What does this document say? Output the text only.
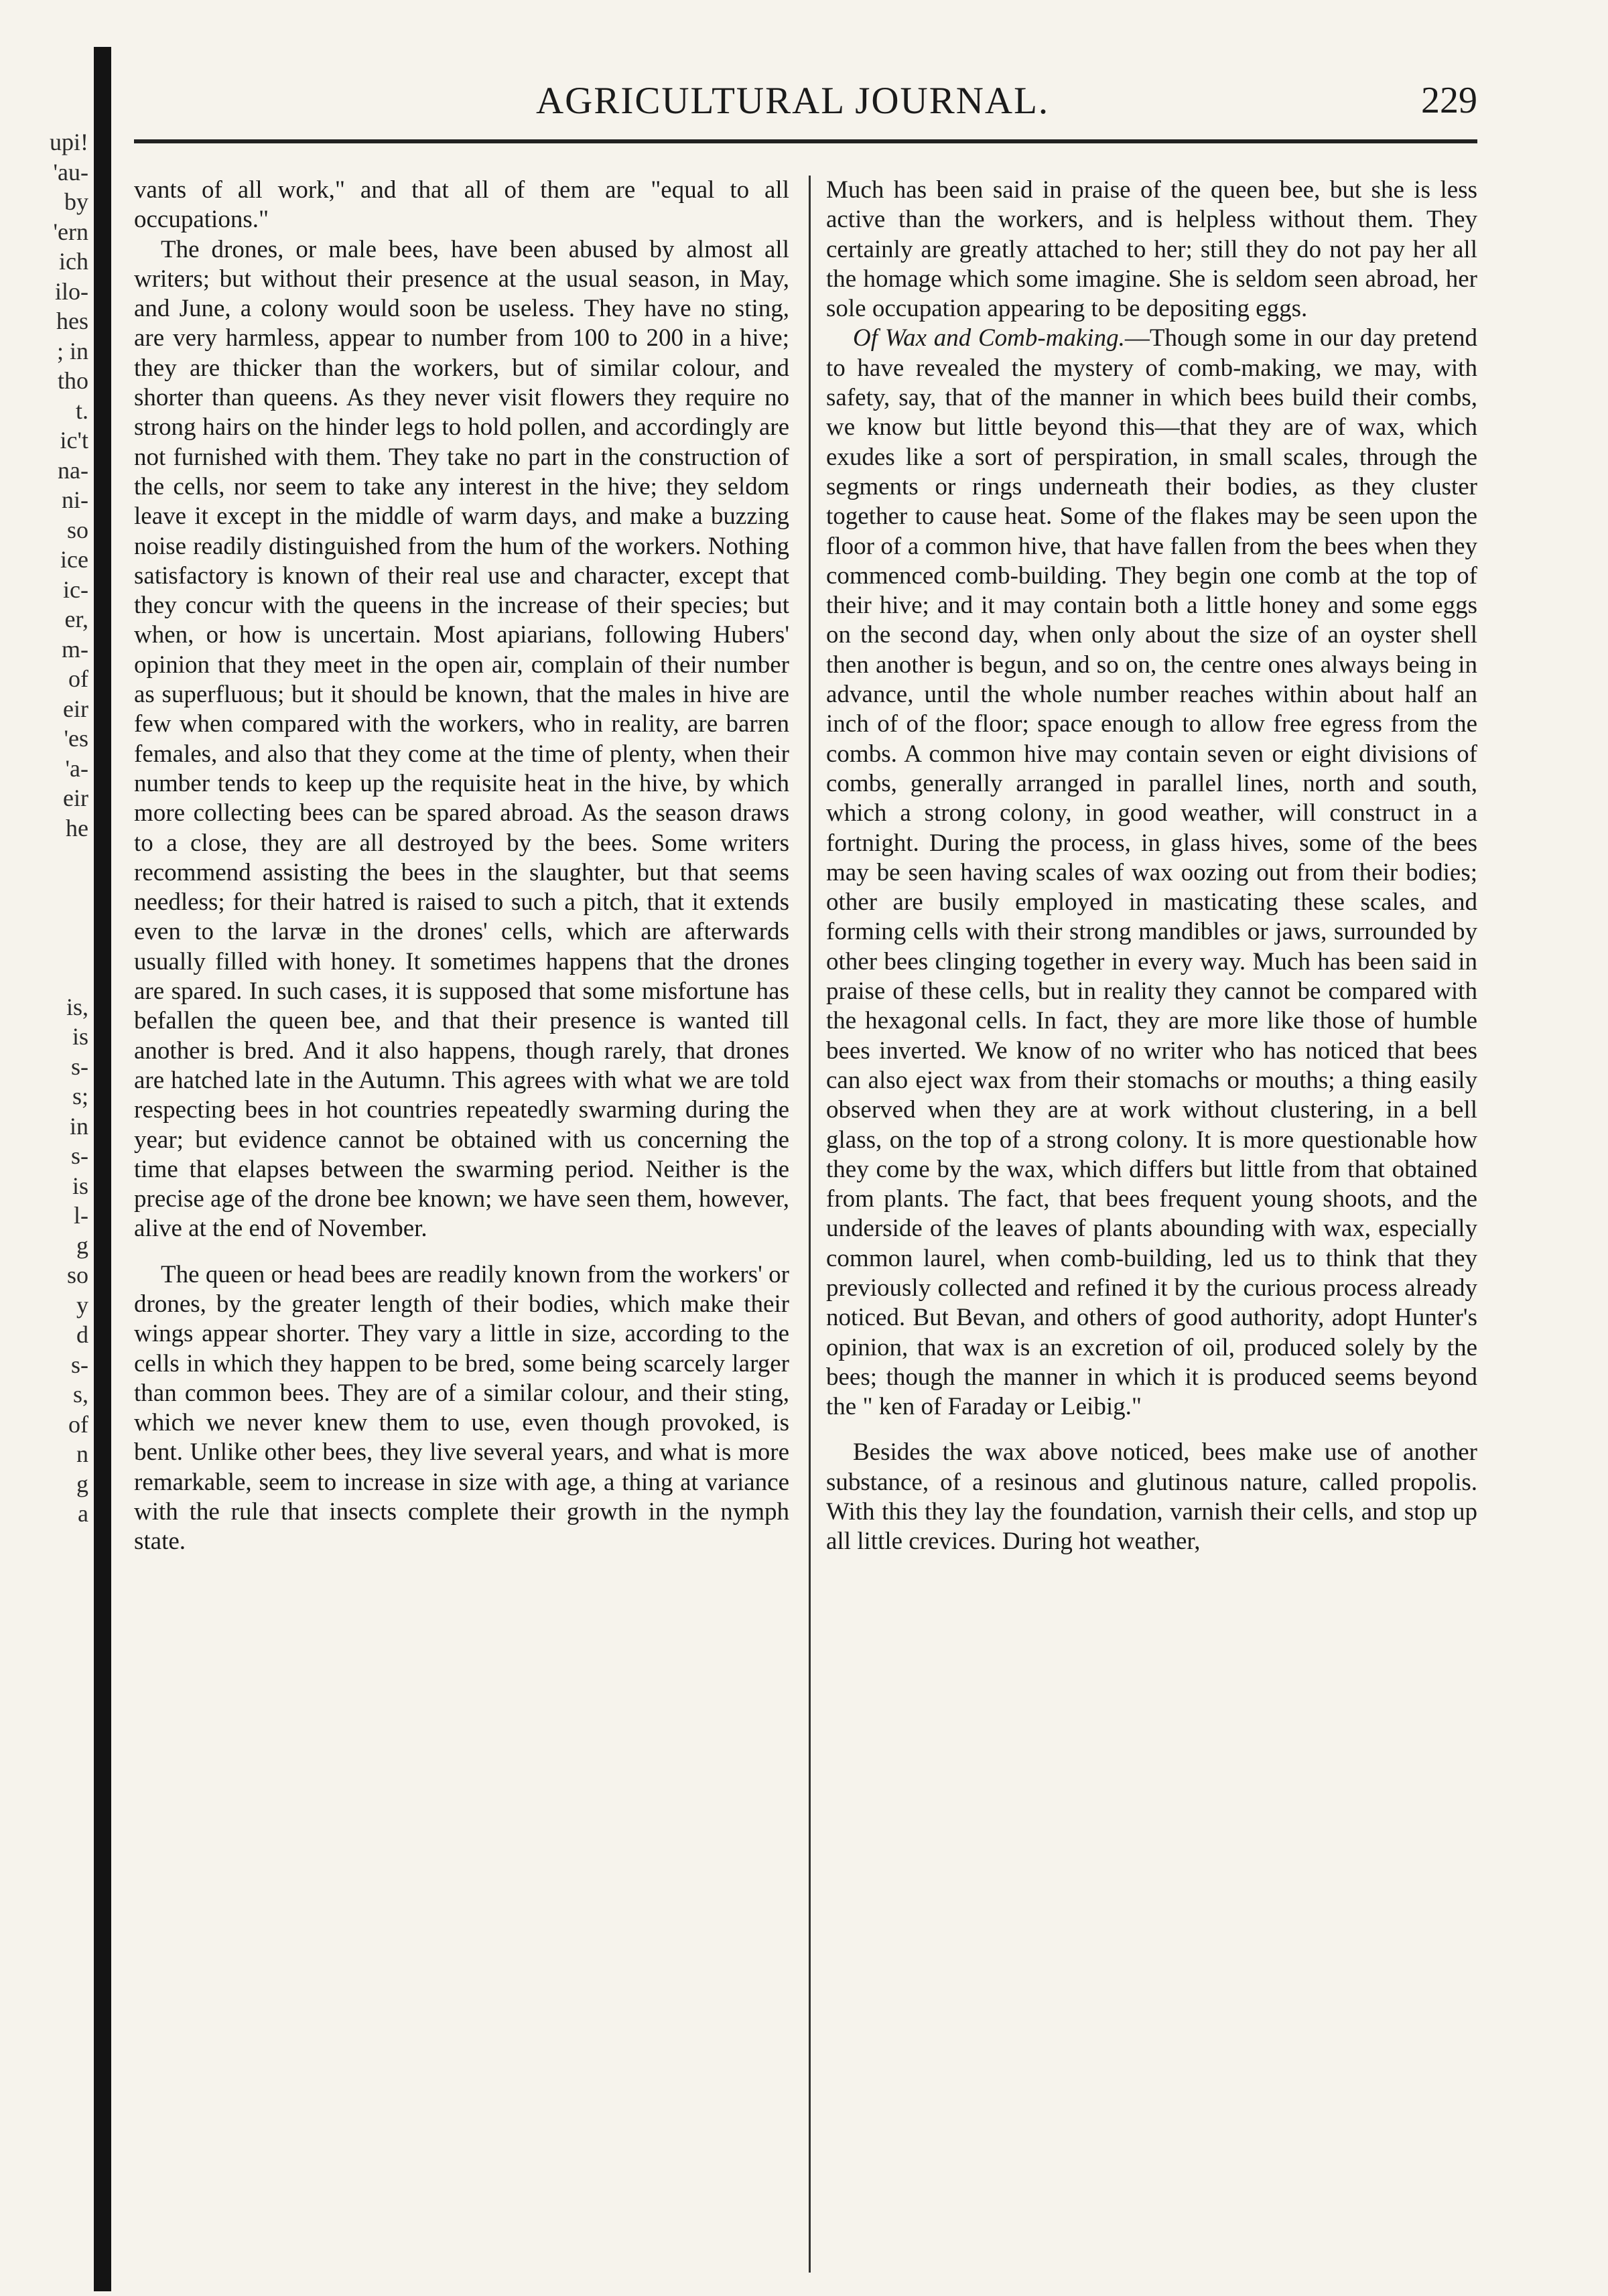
upi!
'au-
by
'ern
ich
ilo-
hes
; in
tho
t.
ic't
na-
ni-
so
ice
ic-
er,
m-
of
eir
'es
'a-
eir
he
is,
is
s-
s;
in
s-
is
l-
g
so
y
d
s-
s,
of
n
g
a
AGRICULTURAL JOURNAL.	229

vants of all work," and that all of them are "equal to all occupations."

The drones, or male bees, have been abused by almost all writers; but without their presence at the usual season, in May, and June, a colony would soon be useless. They have no sting, are very harmless, appear to number from 100 to 200 in a hive; they are thicker than the workers, but of similar colour, and shorter than queens. As they never visit flowers they require no strong hairs on the hinder legs to hold pollen, and accordingly are not furnished with them. They take no part in the construction of the cells, nor seem to take any interest in the hive; they seldom leave it except in the middle of warm days, and make a buzzing noise readily distinguished from the hum of the workers. Nothing satisfactory is known of their real use and character, except that they concur with the queens in the increase of their species; but when, or how is uncertain. Most apiarians, following Hubers' opinion that they meet in the open air, complain of their number as superfluous; but it should be known, that the males in hive are few when compared with the workers, who in reality, are barren females, and also that they come at the time of plenty, when their number tends to keep up the requisite heat in the hive, by which more collecting bees can be spared abroad. As the season draws to a close, they are all destroyed by the bees. Some writers recommend assisting the bees in the slaughter, but that seems needless; for their hatred is raised to such a pitch, that it extends even to the larvæ in the drones' cells, which are afterwards usually filled with honey. It sometimes happens that the drones are spared. In such cases, it is supposed that some misfortune has befallen the queen bee, and that their presence is wanted till another is bred. And it also happens, though rarely, that drones are hatched late in the Autumn. This agrees with what we are told respecting bees in hot countries repeatedly swarming during the year; but evidence cannot be obtained with us concerning the time that elapses between the swarming period. Neither is the precise age of the drone bee known; we have seen them, however, alive at the end of November.

The queen or head bees are readily known from the workers' or drones, by the greater length of their bodies, which make their wings appear shorter. They vary a little in size, according to the cells in which they happen to be bred, some being scarcely larger than common bees. They are of a similar colour, and their sting, which we never knew them to use, even though provoked, is bent. Unlike other bees, they live several years, and what is more remarkable, seem to increase in size with age, a thing at variance with the rule that insects complete their growth in the nymph state.

Much has been said in praise of the queen bee, but she is less active than the workers, and is helpless without them. They certainly are greatly attached to her; still they do not pay her all the homage which some imagine. She is seldom seen abroad, her sole occupation appearing to be depositing eggs.

Of Wax and Comb-making.—Though some in our day pretend to have revealed the mystery of comb-making, we may, with safety, say, that of the manner in which bees build their combs, we know but little beyond this—that they are of wax, which exudes like a sort of perspiration, in small scales, through the segments or rings underneath their bodies, as they cluster together to cause heat. Some of the flakes may be seen upon the floor of a common hive, that have fallen from the bees when they commenced comb-building. They begin one comb at the top of their hive; and it may contain both a little honey and some eggs on the second day, when only about the size of an oyster shell then another is begun, and so on, the centre ones always being in advance, until the whole number reaches within about half an inch of of the floor; space enough to allow free egress from the combs. A common hive may contain seven or eight divisions of combs, generally arranged in parallel lines, north and south, which a strong colony, in good weather, will construct in a fortnight. During the process, in glass hives, some of the bees may be seen having scales of wax oozing out from their bodies; other are busily employed in masticating these scales, and forming cells with their strong mandibles or jaws, surrounded by other bees clinging together in every way. Much has been said in praise of these cells, but in reality they cannot be compared with the hexagonal cells. In fact, they are more like those of humble bees inverted. We know of no writer who has noticed that bees can also eject wax from their stomachs or mouths; a thing easily observed when they are at work without clustering, in a bell glass, on the top of a strong colony. It is more questionable how they come by the wax, which differs but little from that obtained from plants. The fact, that bees frequent young shoots, and the underside of the leaves of plants abounding with wax, especially common laurel, when comb-building, led us to think that they previously collected and refined it by the curious process already noticed. But Bevan, and others of good authority, adopt Hunter's opinion, that wax is an excretion of oil, produced solely by the bees; though the manner in which it is produced seems beyond the " ken of Faraday or Leibig."

Besides the wax above noticed, bees make use of another substance, of a resinous and glutinous nature, called propolis. With this they lay the foundation, varnish their cells, and stop up all little crevices. During hot weather,
